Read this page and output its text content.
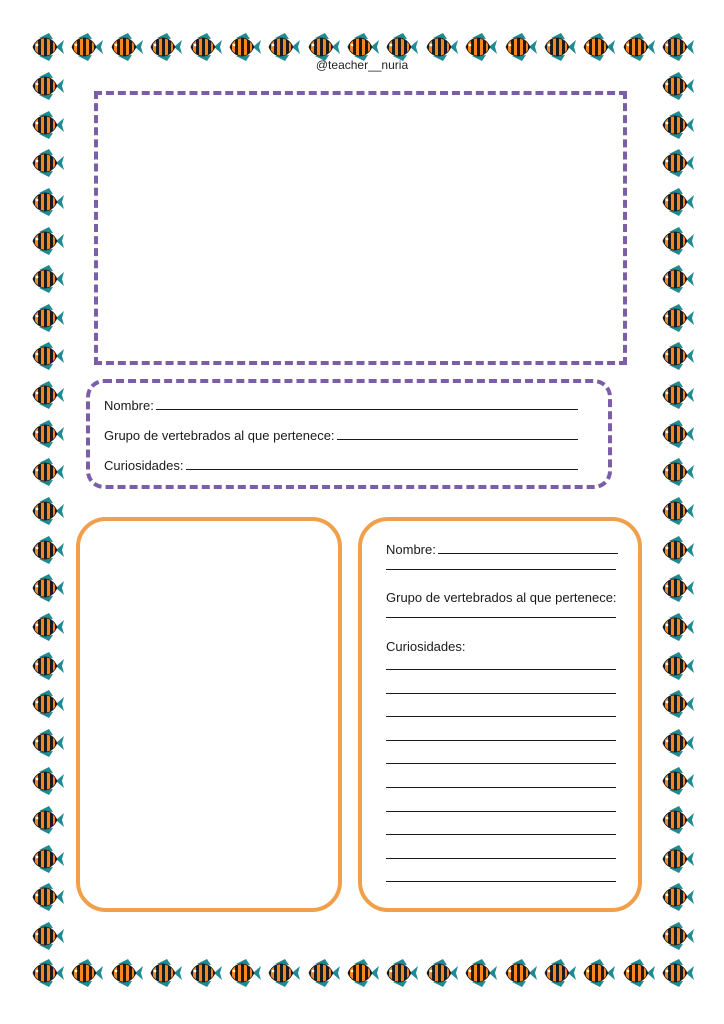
@teacher__nuria
Nombre:
Grupo de vertebrados al que pertenece:
Curiosidades:
Nombre:
Grupo de vertebrados al que pertenece:
Curiosidades:
